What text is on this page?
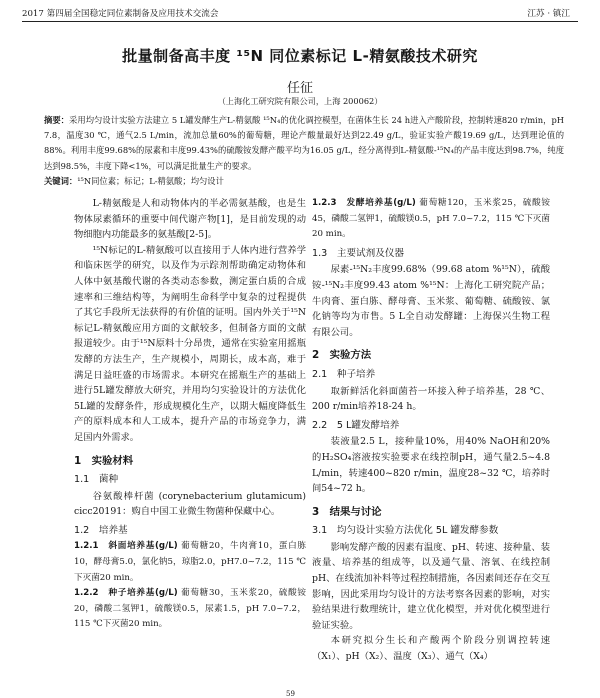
2017 第四届全国稳定同位素制备及应用技术交流会	江苏 · 镇江
批量制备高丰度 ¹⁵N 同位素标记 L-精氨酸技术研究
任征
（上海化工研究院有限公司，上海 200062）
摘要：采用均匀设计实验方法建立 5 L罐发酵生产L-精氨酸 ¹⁵N₄的优化调控模型，在菌体生长 24 h进入产酸阶段，控制转速820 r/min，pH 7.8，温度30 ℃，通气2.5 L/min，流加总量60%的葡萄糖，理论产酸量最好达到22.49 g/L，验证实验产酸19.69 g/L，达到理论值的88%。利用丰度99.68%的尿素和丰度99.43%的硫酸铵发酵产酸平均为16.05 g/L，经分离得到L-精氨酸-¹⁵N₄的产品丰度达到98.7%，纯度达到98.5%，丰度下降<1%，可以满足批量生产的要求。
关键词：¹⁵N同位素；标记；L-精氨酸；均匀设计

L-精氨酸是人和动物体内的半必需氨基酸，也是生物体尿素循环的重要中间代谢产物[1]，是目前发现的动物细胞内功能最多的氨基酸[2-5]。

¹⁵N标记的L-精氨酸可以直接用于人体内进行营养学和临床医学的研究，以及作为示踪剂帮助确定动物体和人体中氨基酸代谢的各类动态参数，测定蛋白质的合成速率和三维结构等，为阐明生命科学中复杂的过程提供了其它手段所无法获得的有价值的证明。国内外关于¹⁵N标记L-精氨酸应用方面的文献较多，但制备方面的文献报道较少。由于¹⁵N原料十分昂贵，通常在实验室用摇瓶发酵的方法生产，生产规模小，周期长，成本高，难于满足日益旺盛的市场需求。本研究在摇瓶生产的基础上进行5L罐发酵放大研究，并用均匀实验设计的方法优化5L罐的发酵条件，形成规模化生产，以期大幅度降低生产的原料成本和人工成本，提升产品的市场竞争力，满足国内外需求。

1　实验材料
1.1　菌种

谷氨酸棒杆菌 (corynebacterium glutamicum) cicc20191：购自中国工业微生物菌种保藏中心。

1.2　培养基

1.2.1　斜面培养基(g/L) 葡萄糖20，牛肉膏10，蛋白胨10，酵母膏5.0，氯化钠5，琼脂2.0，pH7.0~7.2，115 ℃下灭菌20 min。

1.2.2　种子培养基(g/L) 葡萄糖30，玉米浆20，硫酸铵20，磷酸二氢钾1，硫酸镁0.5，尿素1.5，pH 7.0~7.2，115 ℃下灭菌20 min。

1.2.3　发酵培养基(g/L) 葡萄糖120，玉米浆25，硫酸铵45，磷酸二氢钾1，硫酸镁0.5，pH 7.0~7.2，115 ℃下灭菌20 min。

1.3　主要试剂及仪器

尿素-¹⁵N₂丰度99.68%（99.68 atom %¹⁵N），硫酸铵-¹⁵N₂丰度99.43 atom %¹⁵N：上海化工研究院产品；牛肉膏、蛋白胨、酵母膏、玉米浆、葡萄糖、硫酸铵、氯化钠等均为市售。5 L全自动发酵罐：上海保兴生物工程有限公司。

2　实验方法
2.1　种子培养

取新鲜活化斜面菌苔一环接入种子培养基，28 ℃、200 r/min培养18-24 h。

2.2　5 L罐发酵培养

装液量2.5 L，接种量10%，用40% NaOH和20%的H₂SO₄溶液按实验要求在线控制pH，通气量2.5~4.8 L/min，转速400~820 r/min，温度28~32 ℃，培养时间54~72 h。

3　结果与讨论
3.1　均匀设计实验方法优化 5L 罐发酵参数

影响发酵产酸的因素有温度、pH、转速、接种量、装液量、培养基的组成等，以及通气量、溶氧、在线控制pH、在线流加补料等过程控制措施，各因素间还存在交互影响，因此采用均匀设计的方法考察各因素的影响，对实验结果进行数理统计，建立优化模型，并对优化模型进行验证实验。

本研究拟分生长和产酸两个阶段分别调控转速（X₁）、pH（X₂）、温度（X₃）、通气（X₄）

59
